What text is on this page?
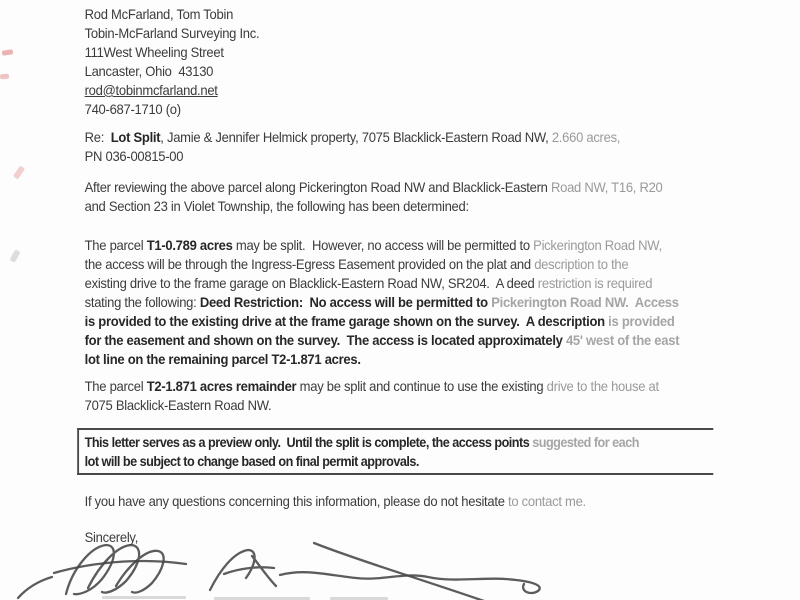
Rod McFarland, Tom Tobin
Tobin-McFarland Surveying Inc.
111West Wheeling Street
Lancaster, Ohio  43130
rod@tobinmcfarland.net
740-687-1710 (o)
Re:  Lot Split, Jamie & Jennifer Helmick property, 7075 Blacklick-Eastern Road NW, 2.660 acres,
PN 036-00815-00
After reviewing the above parcel along Pickerington Road NW and Blacklick-Eastern Road NW, T16, R20
and Section 23 in Violet Township, the following has been determined:
The parcel T1-0.789 acres may be split.  However, no access will be permitted to Pickerington Road NW,
the access will be through the Ingress-Egress Easement provided on the plat and description to the
existing drive to the frame garage on Blacklick-Eastern Road NW, SR204.  A deed restriction is required
stating the following: Deed Restriction:  No access will be permitted to Pickerington Road NW.  Access
is provided to the existing drive at the frame garage shown on the survey.  A description is provided
for the easement and shown on the survey.  The access is located approximately 45' west of the east
lot line on the remaining parcel T2-1.871 acres.
The parcel T2-1.871 acres remainder may be split and continue to use the existing drive to the house at
7075 Blacklick-Eastern Road NW.
This letter serves as a preview only.  Until the split is complete, the access points suggested for each
lot will be subject to change based on final permit approvals.
If you have any questions concerning this information, please do not hesitate to contact me.
Sincerely,
